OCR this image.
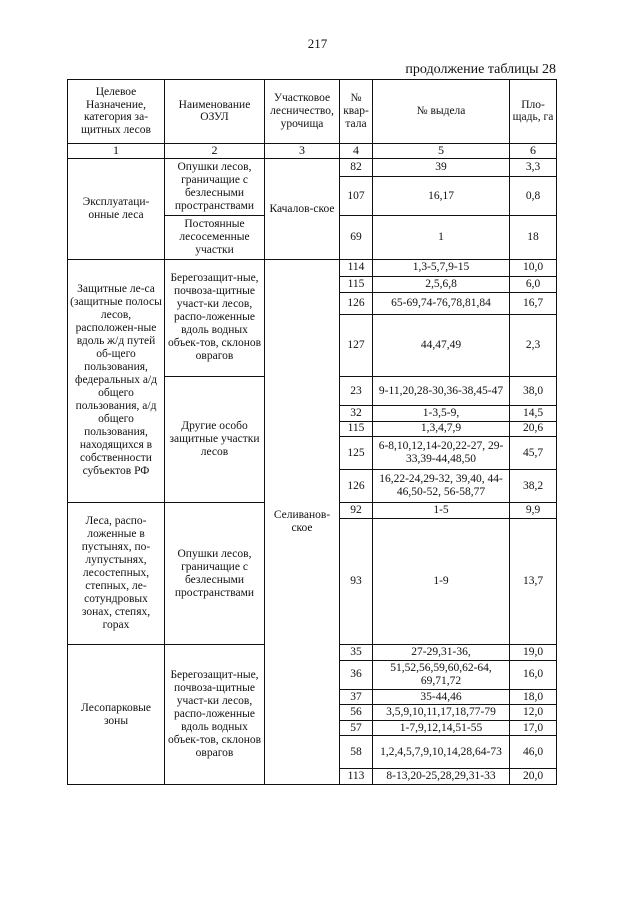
217
продолжение таблицы 28
Целевое Назначение, категория за-щитных лесов	Наименование ОЗУЛ	Участковое лесничество, урочища	№ квар-тала	№ выдела	Пло-щадь, га
1	2	3	4	5	6
Эксплуатаци-онные леса	Опушки лесов, граничащие с безлесными пространствами	Качалов-ское	82	39	3,3
			107	16,17	0,8
	Постоянные лесосеменные участки		69	1	18
Защитные ле-са (защитные полосы лесов, расположен-ные вдоль ж/д путей об-щего пользования, федеральных а/д общего пользования, а/д общего пользования, находящихся в собственности субъектов РФ	Берегозащит-ные, почвоза-щитные участ-ки лесов, распо-ложенные вдоль водных объек-тов, склонов оврагов	Селиванов-ское	114	1,3-5,7,9-15	10,0
			115	2,5,6,8	6,0
			126	65-69,74-76,78,81,84	16,7
			127	44,47,49	2,3
	Другие особо защитные участки лесов		23	9-11,20,28-30,36-38,45-47	38,0
			32	1-3,5-9,	14,5
			115	1,3,4,7,9	20,6
			125	6-8,10,12,14-20,22-27, 29-33,39-44,48,50	45,7
			126	16,22-24,29-32, 39,40, 44-46,50-52, 56-58,77	38,2
Леса, распо-ложенные в пустынях, по-лупустынях, лесостепных, степных, ле-сотундровых зонах, степях, горах	Опушки лесов, граничащие с безлесными пространствами		92	1-5	9,9
			93	1-9	13,7
Лесопарковые зоны	Берегозащит-ные, почвоза-щитные участ-ки лесов, распо-ложенные вдоль водных объек-тов, склонов оврагов		35	27-29,31-36,	19,0
			36	51,52,56,59,60,62-64, 69,71,72	16,0
			37	35-44,46	18,0
			56	3,5,9,10,11,17,18,77-79	12,0
			57	1-7,9,12,14,51-55	17,0
			58	1,2,4,5,7,9,10,14,28,64-73	46,0
			113	8-13,20-25,28,29,31-33	20,0
